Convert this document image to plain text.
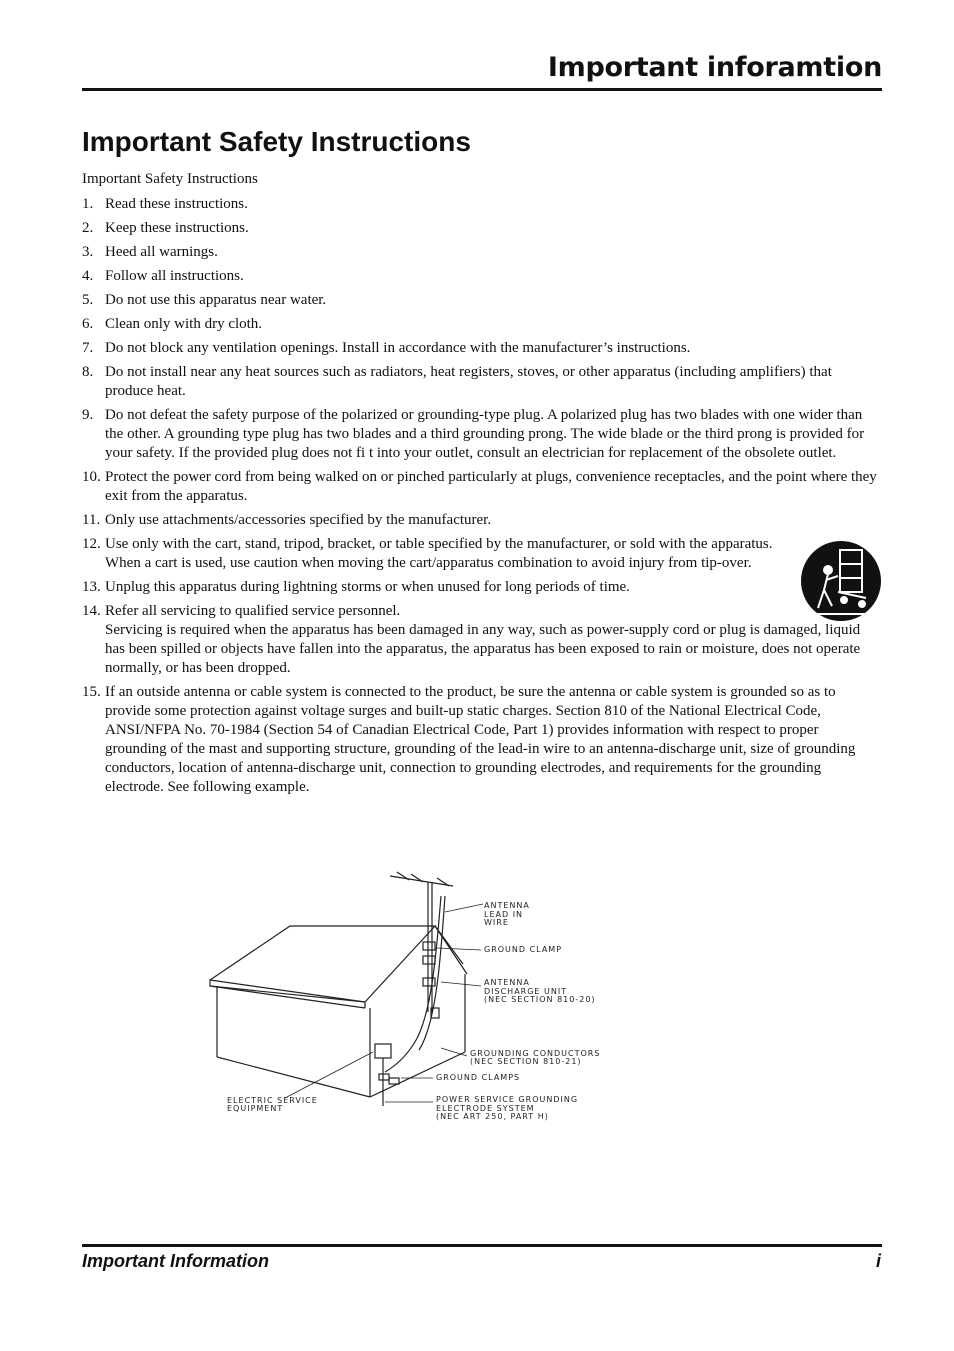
Important inforamtion
Important Safety Instructions
Important Safety Instructions
1. Read these instructions.
2. Keep these instructions.
3. Heed all warnings.
4. Follow all instructions.
5. Do not use this apparatus near water.
6. Clean only with dry cloth.
7. Do not block any ventilation openings. Install in accordance with the manufacturer’s instructions.
8. Do not install near any heat sources such as radiators, heat registers, stoves, or other apparatus (including amplifiers) that produce heat.
9. Do not defeat the safety purpose of the polarized or grounding-type plug. A polarized plug has two blades with one wider than the other. A grounding type plug has two blades and a third grounding prong. The wide blade or the third prong is provided for your safety. If the provided plug does not fi t into your outlet, consult an electrician for replacement of the obsolete outlet.
10. Protect the power cord from being walked on or pinched particularly at plugs, convenience receptacles, and the point where they exit from the apparatus.
11. Only use attachments/accessories specified by the manufacturer.
12. Use only with the cart, stand, tripod, bracket, or table specified by the manufacturer, or sold with the apparatus. When a cart is used, use caution when moving the cart/apparatus combination to avoid injury from tip-over.
13. Unplug this apparatus during lightning storms or when unused for long periods of time.
14. Refer all servicing to qualified service personnel.
Servicing is required when the apparatus has been damaged in any way, such as power-supply cord or plug is damaged, liquid has been spilled or objects have fallen into the apparatus, the apparatus has been exposed to rain or moisture, does not operate normally, or has been dropped.
15. If an outside antenna or cable system is connected to the product, be sure the antenna or cable system is grounded so as to provide some protection against voltage surges and built-up static charges. Section 810 of the National Electrical Code, ANSI/NFPA No. 70-1984 (Section 54 of Canadian Electrical Code, Part 1) provides information with respect to proper grounding of the mast and supporting structure, grounding of the lead-in wire to an antenna-discharge unit, size of grounding conductors, location of antenna-discharge unit, connection to grounding electrodes, and requirements for the grounding electrode. See following example.
ANTENNA
LEAD IN
WIRE
GROUND CLAMP
ANTENNA
DISCHARGE UNIT
(NEC SECTION 810-20)
GROUNDING CONDUCTORS
(NEC SECTION 810-21)
GROUND CLAMPS
ELECTRIC SERVICE
EQUIPMENT
POWER SERVICE GROUNDING
ELECTRODE SYSTEM
(NEC ART 250, PART H)
Important Information	i
